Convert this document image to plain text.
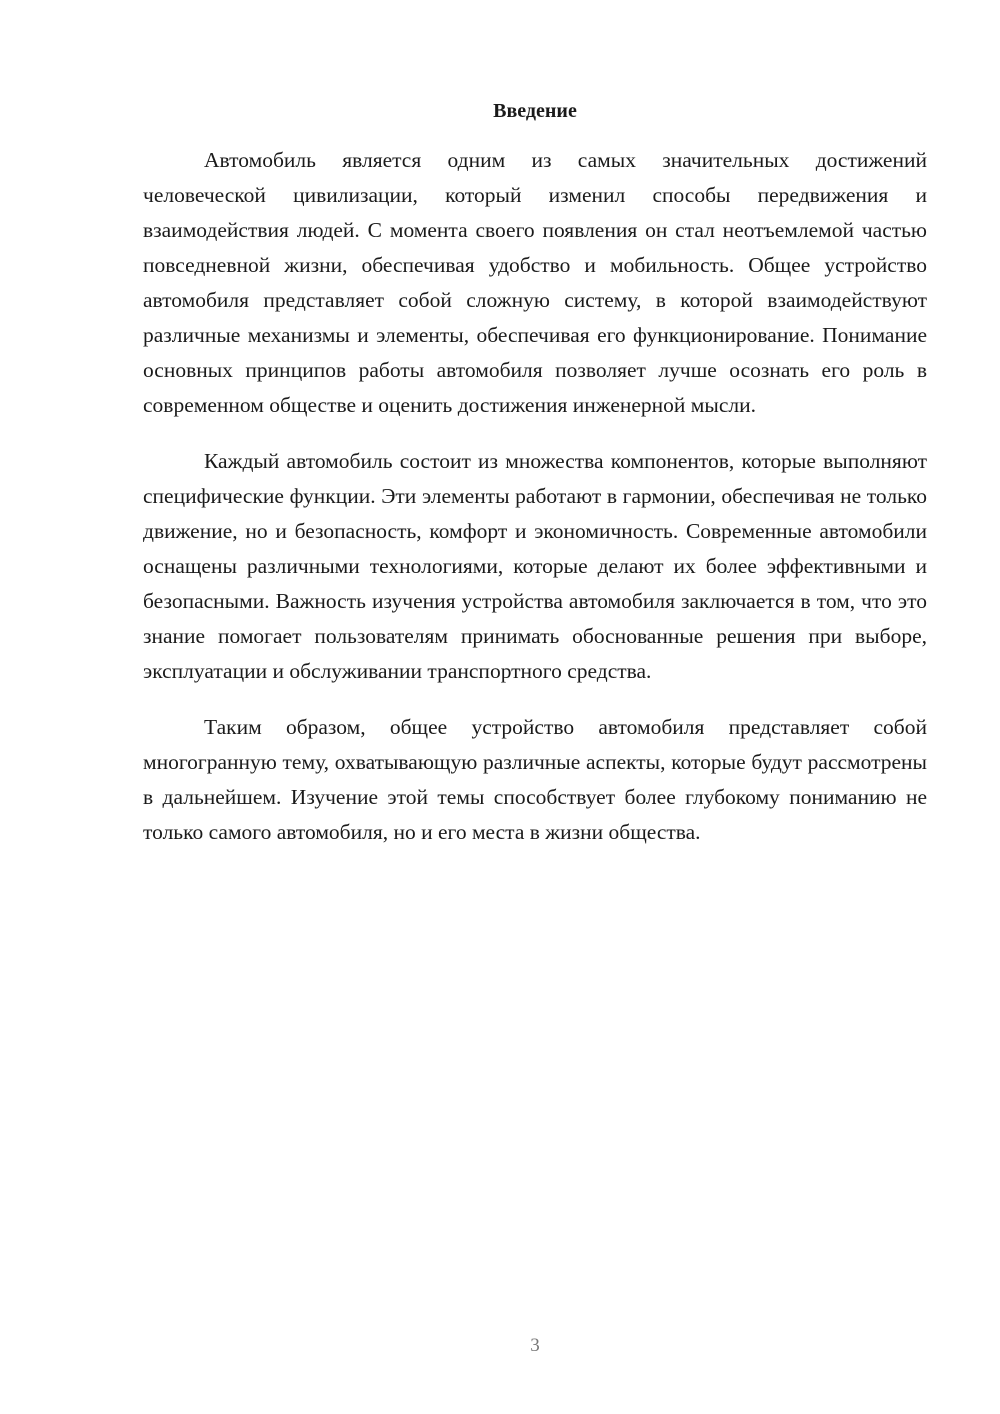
Введение

Автомобиль является одним из самых значительных достижений человеческой цивилизации, который изменил способы передвижения и взаимодействия людей. С момента своего появления он стал неотъемлемой частью повседневной жизни, обеспечивая удобство и мобильность. Общее устройство автомобиля представляет собой сложную систему, в которой взаимодействуют различные механизмы и элементы, обеспечивая его функционирование. Понимание основных принципов работы автомобиля позволяет лучше осознать его роль в современном обществе и оценить достижения инженерной мысли.

Каждый автомобиль состоит из множества компонентов, которые выполняют специфические функции. Эти элементы работают в гармонии, обеспечивая не только движение, но и безопасность, комфорт и экономичность. Современные автомобили оснащены различными технологиями, которые делают их более эффективными и безопасными. Важность изучения устройства автомобиля заключается в том, что это знание помогает пользователям принимать обоснованные решения при выборе, эксплуатации и обслуживании транспортного средства.

Таким образом, общее устройство автомобиля представляет собой многогранную тему, охватывающую различные аспекты, которые будут рассмотрены в дальнейшем. Изучение этой темы способствует более глубокому пониманию не только самого автомобиля, но и его места в жизни общества.

3
